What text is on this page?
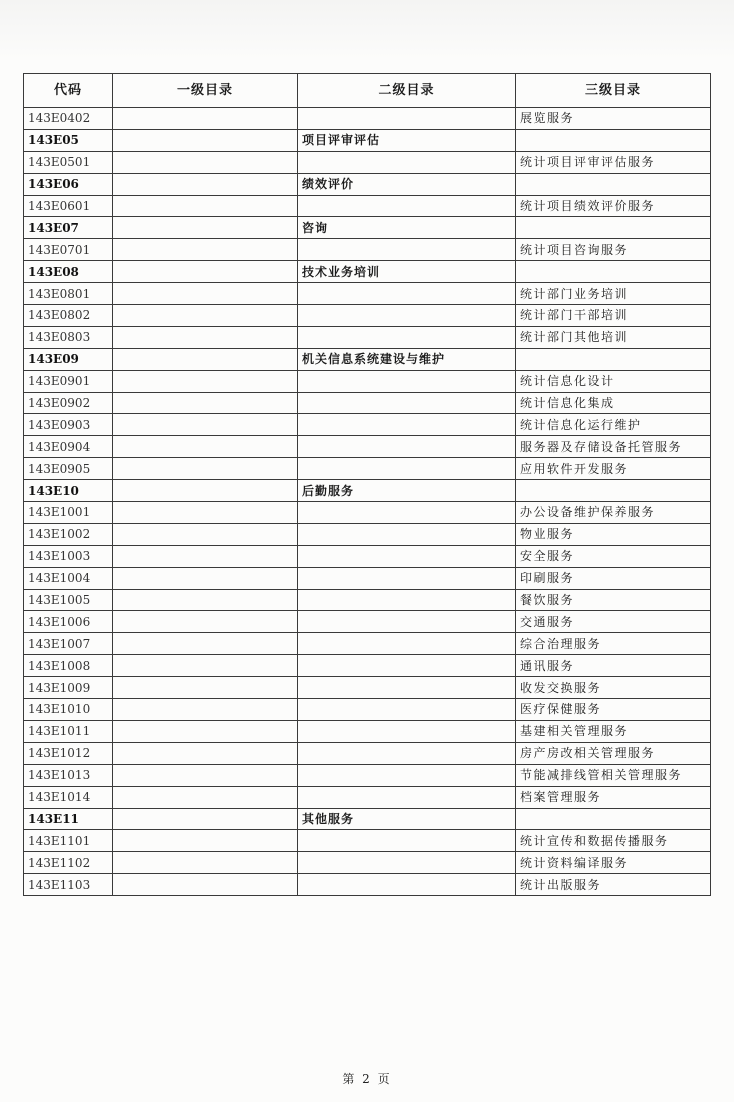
代码	一级目录	二级目录	三级目录
143E0402			展览服务
143E05		项目评审评估	
143E0501			统计项目评审评估服务
143E06		绩效评价	
143E0601			统计项目绩效评价服务
143E07		咨询	
143E0701			统计项目咨询服务
143E08		技术业务培训	
143E0801			统计部门业务培训
143E0802			统计部门干部培训
143E0803			统计部门其他培训
143E09		机关信息系统建设与维护	
143E0901			统计信息化设计
143E0902			统计信息化集成
143E0903			统计信息化运行维护
143E0904			服务器及存储设备托管服务
143E0905			应用软件开发服务
143E10		后勤服务	
143E1001			办公设备维护保养服务
143E1002			物业服务
143E1003			安全服务
143E1004			印刷服务
143E1005			餐饮服务
143E1006			交通服务
143E1007			综合治理服务
143E1008			通讯服务
143E1009			收发交换服务
143E1010			医疗保健服务
143E1011			基建相关管理服务
143E1012			房产房改相关管理服务
143E1013			节能减排线管相关管理服务
143E1014			档案管理服务
143E11		其他服务	
143E1101			统计宣传和数据传播服务
143E1102			统计资料编译服务
143E1103			统计出版服务
第 2 页
